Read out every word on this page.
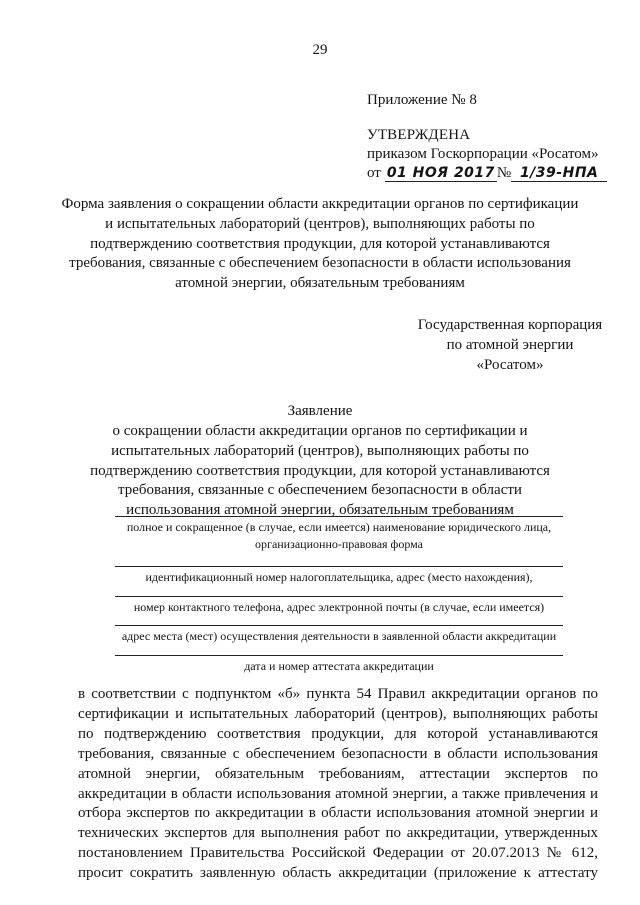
29
Приложение № 8
УТВЕРЖДЕНА
приказом Госкорпорации «Росатом»
от 01 НОЯ 2017 № 1/39-НПА
Форма заявления о сокращении области аккредитации органов по сертификации и испытательных лабораторий (центров), выполняющих работы по подтверждению соответствия продукции, для которой устанавливаются требования, связанные с обеспечением безопасности в области использования атомной энергии, обязательным требованиям
Государственная корпорация
по атомной энергии
«Росатом»
Заявление
о сокращении области аккредитации органов по сертификации и испытательных лабораторий (центров), выполняющих работы по подтверждению соответствия продукции, для которой устанавливаются требования, связанные с обеспечением безопасности в области использования атомной энергии, обязательным требованиям
полное и сокращенное (в случае, если имеется) наименование юридического лица, организационно-правовая форма
идентификационный номер налогоплательщика, адрес (место нахождения),
номер контактного телефона, адрес электронной почты (в случае, если имеется)
адрес места (мест) осуществления деятельности в заявленной области аккредитации
дата и номер аттестата аккредитации
в соответствии с подпунктом «б» пункта 54 Правил аккредитации органов по сертификации и испытательных лабораторий (центров), выполняющих работы по подтверждению соответствия продукции, для которой устанавливаются требования, связанные с обеспечением безопасности в области использования атомной энергии, обязательным требованиям, аттестации экспертов по аккредитации в области использования атомной энергии, а также привлечения и отбора экспертов по аккредитации в области использования атомной энергии и технических экспертов для выполнения работ по аккредитации, утвержденных постановлением Правительства Российской Федерации от 20.07.2013 № 612, просит сократить заявленную область аккредитации (приложение к аттестату
